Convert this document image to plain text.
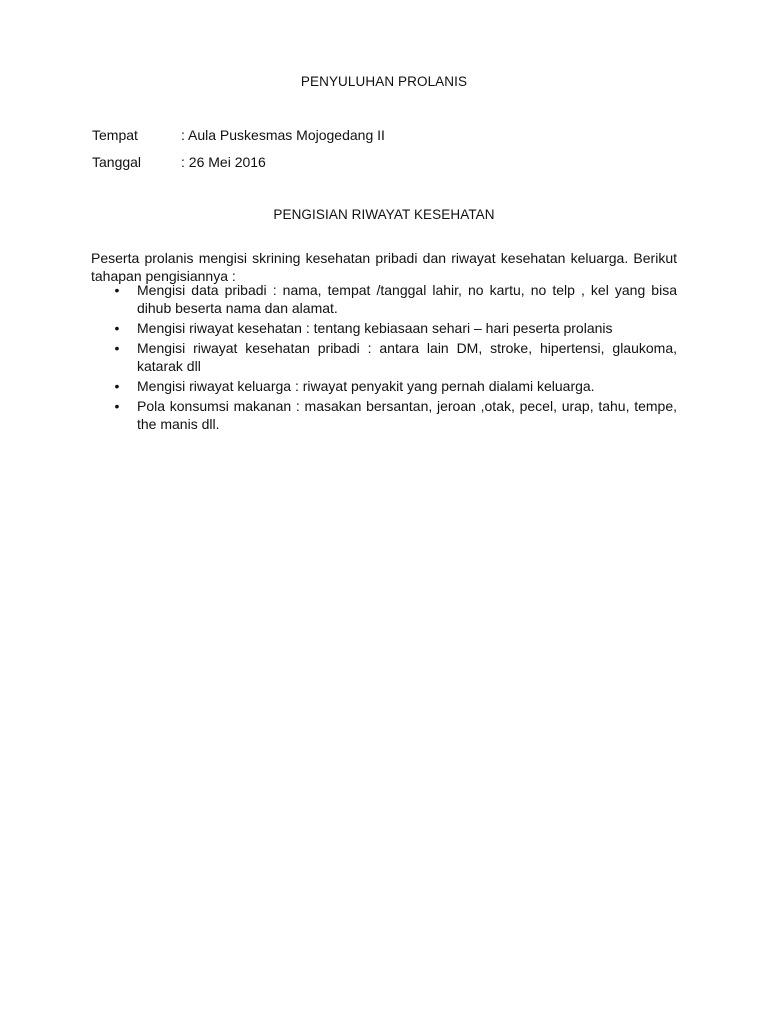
PENYULUHAN PROLANIS
Tempat	: Aula Puskesmas Mojogedang II
Tanggal	: 26 Mei 2016
PENGISIAN RIWAYAT KESEHATAN

Peserta prolanis mengisi skrining kesehatan pribadi dan riwayat kesehatan keluarga. Berikut tahapan pengisiannya :

• Mengisi data pribadi : nama, tempat /tanggal lahir, no kartu, no telp , kel yang bisa dihub beserta nama dan alamat.
• Mengisi riwayat kesehatan : tentang kebiasaan sehari – hari peserta prolanis
• Mengisi riwayat kesehatan pribadi : antara lain DM, stroke, hipertensi, glaukoma, katarak dll
• Mengisi riwayat keluarga : riwayat penyakit yang pernah dialami keluarga.
• Pola konsumsi makanan : masakan bersantan, jeroan ,otak, pecel, urap, tahu, tempe, the manis dll.
